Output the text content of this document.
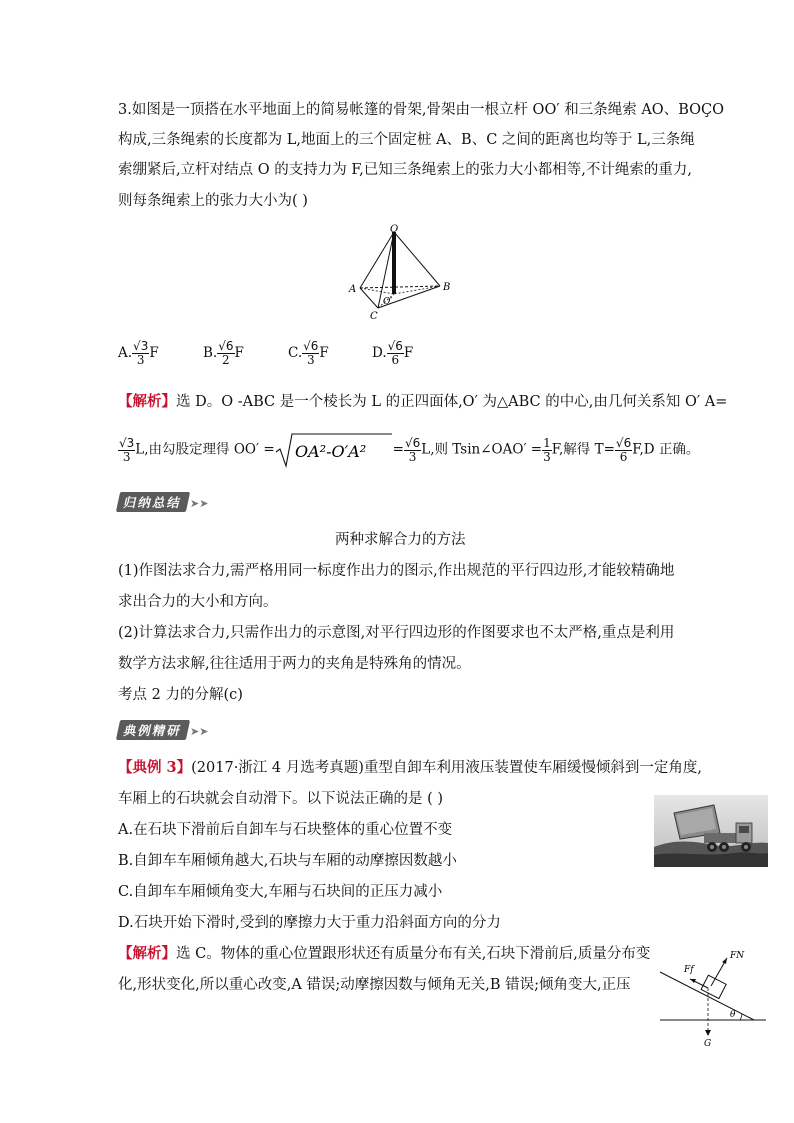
3.如图是一顶搭在水平地面上的简易帐篷的骨架,骨架由一根立杆 OO′ 和三条绳索 AO、BOÇO
构成,三条绳索的长度都为 L,地面上的三个固定桩 A、B、C 之间的距离也均等于 L,三条绳
索绷紧后,立杆对结点 O 的支持力为 F,已知三条绳索上的张力大小都相等,不计绳索的重力,
则每条绳索上的张力大小为( )
O
A	B
C
O′
A. $\frac{√3}{3}$ F	B. $\frac{√6}{2}$ F	C. $\frac{√6}{3}$ F	D. $\frac{√6}{6}$ F
【解析】选 D。O -ABC 是一个棱长为 L 的正四面体,O′ 为△ABC 的中心,由几何关系知 O′ A=
$\frac{√3}{3} L$,由勾股定理得 $OO' = OA^2-O'A^2 = \frac{√6}{3} L$,则 Tsin∠OAO′ = $\frac{1}{3} F$,解得 $T= \frac{√6}{6} F,D$ 正确。
归纳总结 ➤➤
两种求解合力的方法
(1)作图法求合力,需严格用同一标度作出力的图示,作出规范的平行四边形,才能较精确地
求出合力的大小和方向。
(2)计算法求合力,只需作出力的示意图,对平行四边形的作图要求也不太严格,重点是利用
数学方法求解,往往适用于两力的夹角是特殊角的情况。
考点 2 力的分解(c)
典例精研 ➤➤
【典例 3】(2017·浙江 4 月选考真题)重型自卸车利用液压装置使车厢缓慢倾斜到一定角度,
车厢上的石块就会自动滑下。以下说法正确的是 ( )
A.在石块下滑前后自卸车与石块整体的重心位置不变
B.自卸车车厢倾角越大,石块与车厢的动摩擦因数越小
C.自卸车车厢倾角变大,车厢与石块间的正压力减小
D.石块开始下滑时,受到的摩擦力大于重力沿斜面方向的分力
【解析】选 C。物体的重心位置跟形状还有质量分布有关,石块下滑前后,质量分布变
化,形状变化,所以重心改变,A 错误;动摩擦因数与倾角无关,B 错误;倾角变大,正压
FN
Ff
G
θ
